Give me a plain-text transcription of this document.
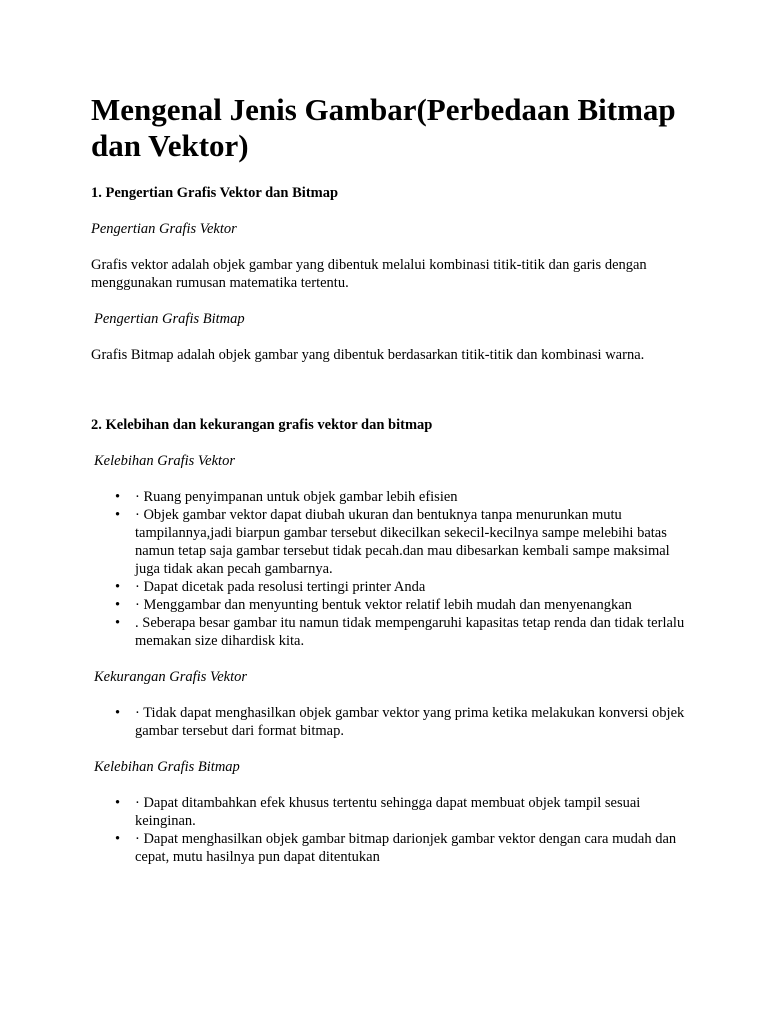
Mengenal Jenis Gambar(Perbedaan Bitmap dan Vektor)
1. Pengertian Grafis Vektor dan Bitmap
Pengertian Grafis Vektor

Grafis vektor adalah objek gambar yang dibentuk melalui kombinasi titik-titik dan garis dengan menggunakan rumusan matematika tertentu.

Pengertian Grafis Bitmap

Grafis Bitmap adalah objek gambar yang dibentuk berdasarkan titik-titik dan kombinasi warna.

2. Kelebihan dan kekurangan grafis vektor dan bitmap
Kelebihan Grafis Vektor
• · Ruang penyimpanan untuk objek gambar lebih efisien
• · Objek gambar vektor dapat diubah ukuran dan bentuknya tanpa menurunkan mutu tampilannya,jadi biarpun gambar tersebut dikecilkan sekecil-kecilnya sampe melebihi batas namun tetap saja gambar tersebut tidak pecah.dan mau dibesarkan kembali sampe maksimal juga tidak akan pecah gambarnya.
• · Dapat dicetak pada resolusi tertingi printer Anda
• · Menggambar dan menyunting bentuk vektor relatif lebih mudah dan menyenangkan
• . Seberapa besar gambar itu namun tidak mempengaruhi kapasitas tetap renda dan tidak terlalu memakan size dihardisk kita.
Kekurangan Grafis Vektor
• · Tidak dapat menghasilkan objek gambar vektor yang prima ketika melakukan konversi objek gambar tersebut dari format bitmap.
Kelebihan Grafis Bitmap
• · Dapat ditambahkan efek khusus tertentu sehingga dapat membuat objek tampil sesuai keinginan.
• · Dapat menghasilkan objek gambar bitmap darionjek gambar vektor dengan cara mudah dan cepat, mutu hasilnya pun dapat ditentukan
